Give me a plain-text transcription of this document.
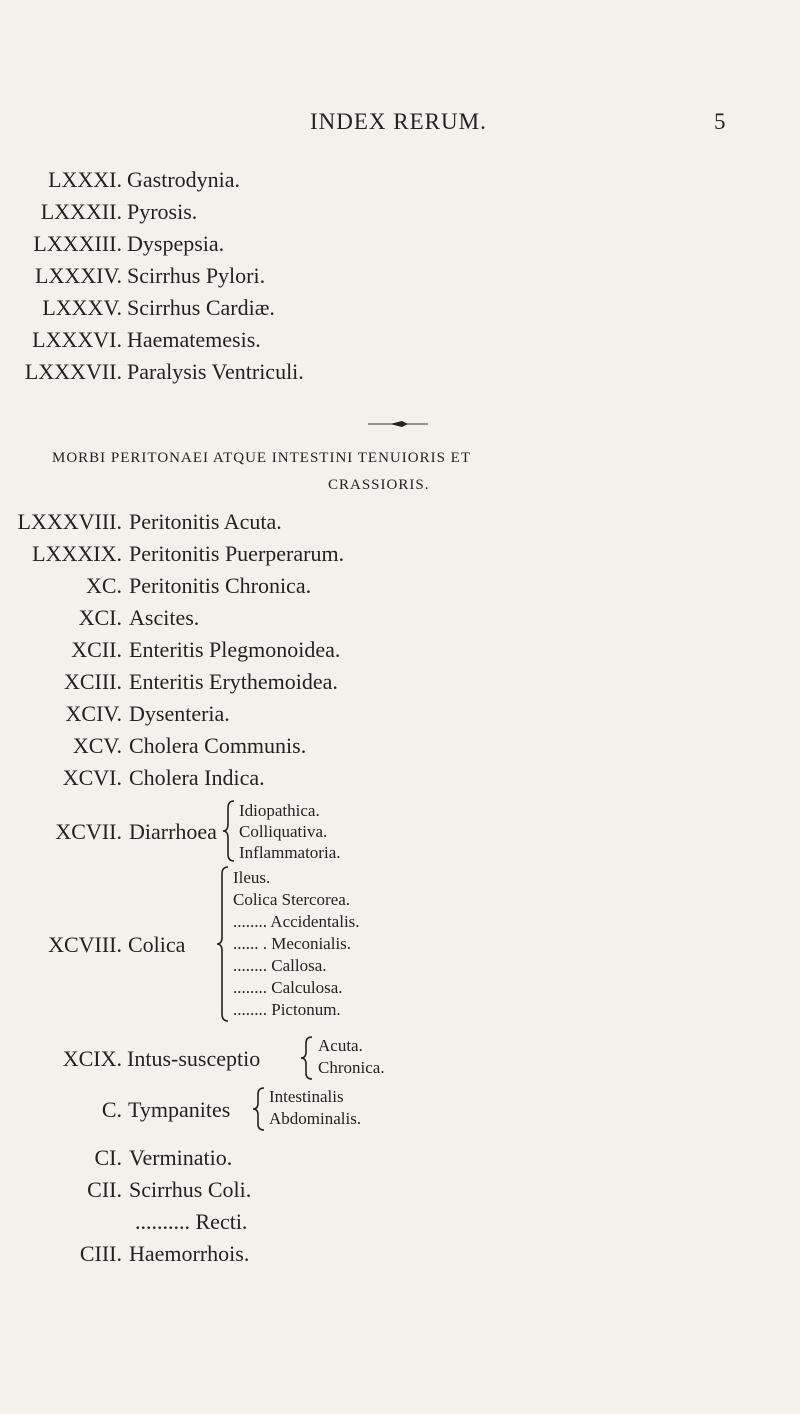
INDEX RERUM.	5
LXXXI. Gastrodynia.
LXXXII. Pyrosis.
LXXXIII. Dyspepsia.
LXXXIV. Scirrhus Pylori.
LXXXV. Scirrhus Cardiæ.
LXXXVI. Haematemesis.
LXXXVII. Paralysis Ventriculi.
MORBI PERITONAEI ATQUE INTESTINI TENUIORIS ET
CRASSIORIS.
LXXXVIII. Peritonitis Acuta.
LXXXIX. Peritonitis Puerperarum.
XC. Peritonitis Chronica.
XCI. Ascites.
XCII. Enteritis Plegmonoidea.
XCIII. Enteritis Erythemoidea.
XCIV. Dysenteria.
XCV. Cholera Communis.
XCVI. Cholera Indica.
XCVII. Diarrhoea
Idiopathica.
Colliquativa.
Inflammatoria.
XCVIII. Colica
Ileus.
Colica Stercorea.
........ Accidentalis.
...... . Meconialis.
........ Callosa.
........ Calculosa.
........ Pictonum.
XCIX. Intus-susceptio
Acuta.
Chronica.
C. Tympanites
Intestinalis
Abdominalis.
CI. Verminatio.
CII. Scirrhus Coli.
.......... Recti.
CIII. Haemorrhois.
